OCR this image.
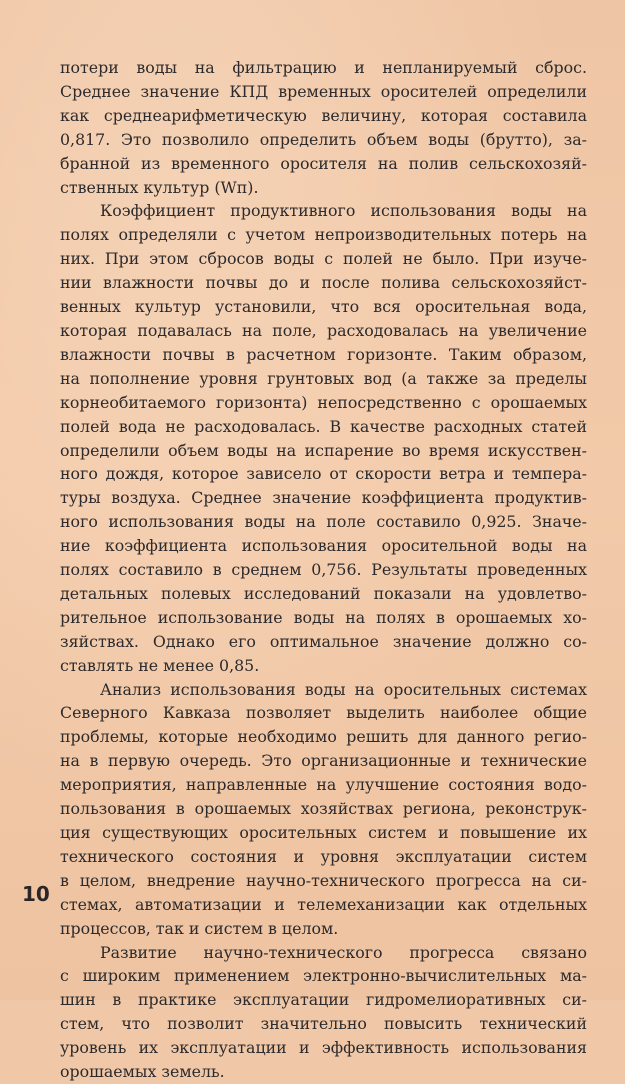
потери воды на фильтрацию и непланируемый сброс.
Среднее значение КПД временных оросителей определили
как среднеарифметическую величину, которая составила
0,817. Это позволило определить объем воды (брутто), за-
бранной из временного оросителя на полив сельскохозяй-
ственных культур (Wп).
Коэффициент продуктивного использования воды на
полях определяли с учетом непроизводительных потерь на
них. При этом сбросов воды с полей не было. При изуче-
нии влажности почвы до и после полива сельскохозяйст-
венных культур установили, что вся оросительная вода,
которая подавалась на поле, расходовалась на увеличение
влажности почвы в расчетном горизонте. Таким образом,
на пополнение уровня грунтовых вод (а также за пределы
корнеобитаемого горизонта) непосредственно с орошаемых
полей вода не расходовалась. В качестве расходных статей
определили объем воды на испарение во время искусствен-
ного дождя, которое зависело от скорости ветра и темпера-
туры воздуха. Среднее значение коэффициента продуктив-
ного использования воды на поле составило 0,925. Значе-
ние коэффициента использования оросительной воды на
полях составило в среднем 0,756. Результаты проведенных
детальных полевых исследований показали на удовлетво-
рительное использование воды на полях в орошаемых хо-
зяйствах. Однако его оптимальное значение должно со-
ставлять не менее 0,85.
Анализ использования воды на оросительных системах
Северного Кавказа позволяет выделить наиболее общие
проблемы, которые необходимо решить для данного регио-
на в первую очередь. Это организационные и технические
мероприятия, направленные на улучшение состояния водо-
пользования в орошаемых хозяйствах региона, реконструк-
ция существующих оросительных систем и повышение их
технического состояния и уровня эксплуатации систем
в целом, внедрение научно-технического прогресса на си-
стемах, автоматизации и телемеханизации как отдельных
процессов, так и систем в целом.
Развитие научно-технического прогресса связано
с широким применением электронно-вычислительных ма-
шин в практике эксплуатации гидромелиоративных си-
стем, что позволит значительно повысить технический
уровень их эксплуатации и эффективность использования
орошаемых земель.
10
